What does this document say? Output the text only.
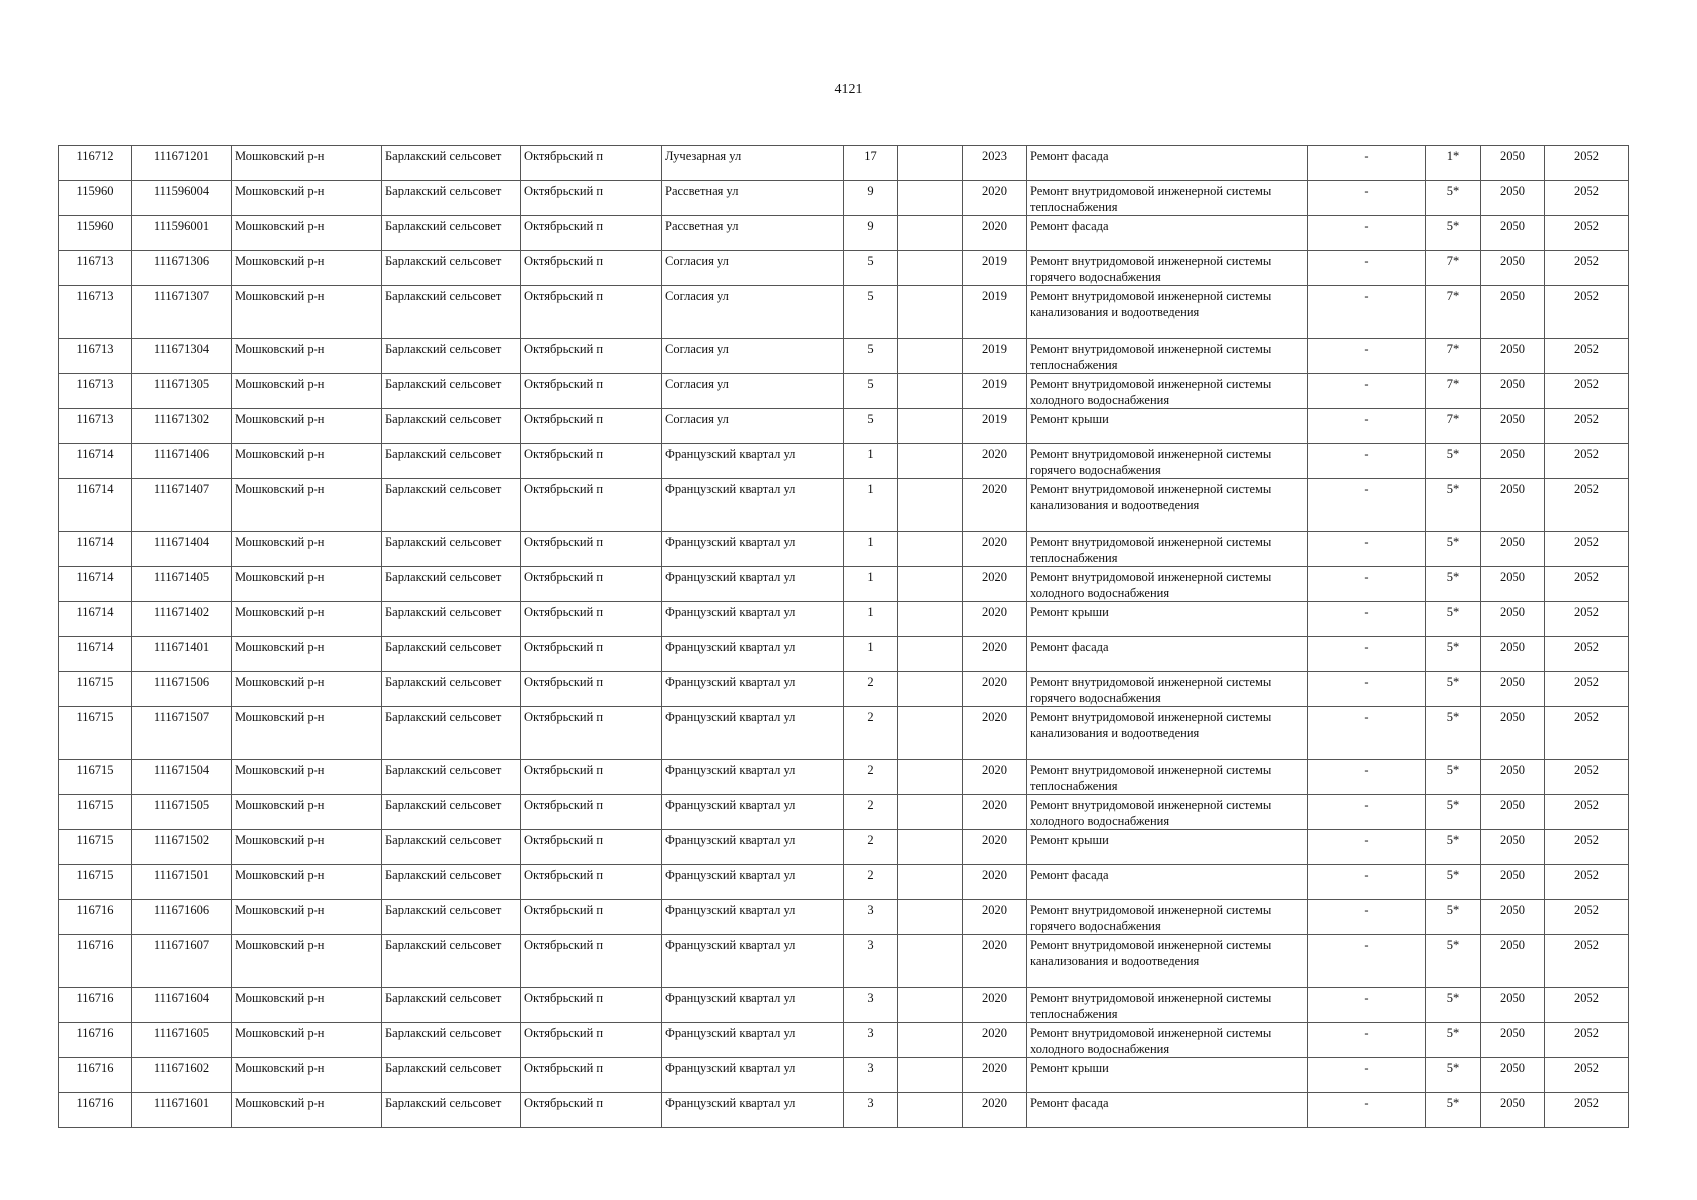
4121
116712	111671201	Мошковский р-н	Барлакский сельсовет	Октябрьский п	Лучезарная ул	17		2023	Ремонт фасада	-	1*	2050	2052
115960	111596004	Мошковский р-н	Барлакский сельсовет	Октябрьский п	Рассветная ул	9		2020	Ремонт внутридомовой инженерной системы теплоснабжения	-	5*	2050	2052
115960	111596001	Мошковский р-н	Барлакский сельсовет	Октябрьский п	Рассветная ул	9		2020	Ремонт фасада	-	5*	2050	2052
116713	111671306	Мошковский р-н	Барлакский сельсовет	Октябрьский п	Согласия ул	5		2019	Ремонт внутридомовой инженерной системы горячего водоснабжения	-	7*	2050	2052
116713	111671307	Мошковский р-н	Барлакский сельсовет	Октябрьский п	Согласия ул	5		2019	Ремонт внутридомовой инженерной системы канализования и водоотведения	-	7*	2050	2052
116713	111671304	Мошковский р-н	Барлакский сельсовет	Октябрьский п	Согласия ул	5		2019	Ремонт внутридомовой инженерной системы теплоснабжения	-	7*	2050	2052
116713	111671305	Мошковский р-н	Барлакский сельсовет	Октябрьский п	Согласия ул	5		2019	Ремонт внутридомовой инженерной системы холодного водоснабжения	-	7*	2050	2052
116713	111671302	Мошковский р-н	Барлакский сельсовет	Октябрьский п	Согласия ул	5		2019	Ремонт крыши	-	7*	2050	2052
116714	111671406	Мошковский р-н	Барлакский сельсовет	Октябрьский п	Французский квартал ул	1		2020	Ремонт внутридомовой инженерной системы горячего водоснабжения	-	5*	2050	2052
116714	111671407	Мошковский р-н	Барлакский сельсовет	Октябрьский п	Французский квартал ул	1		2020	Ремонт внутридомовой инженерной системы канализования и водоотведения	-	5*	2050	2052
116714	111671404	Мошковский р-н	Барлакский сельсовет	Октябрьский п	Французский квартал ул	1		2020	Ремонт внутридомовой инженерной системы теплоснабжения	-	5*	2050	2052
116714	111671405	Мошковский р-н	Барлакский сельсовет	Октябрьский п	Французский квартал ул	1		2020	Ремонт внутридомовой инженерной системы холодного водоснабжения	-	5*	2050	2052
116714	111671402	Мошковский р-н	Барлакский сельсовет	Октябрьский п	Французский квартал ул	1		2020	Ремонт крыши	-	5*	2050	2052
116714	111671401	Мошковский р-н	Барлакский сельсовет	Октябрьский п	Французский квартал ул	1		2020	Ремонт фасада	-	5*	2050	2052
116715	111671506	Мошковский р-н	Барлакский сельсовет	Октябрьский п	Французский квартал ул	2		2020	Ремонт внутридомовой инженерной системы горячего водоснабжения	-	5*	2050	2052
116715	111671507	Мошковский р-н	Барлакский сельсовет	Октябрьский п	Французский квартал ул	2		2020	Ремонт внутридомовой инженерной системы канализования и водоотведения	-	5*	2050	2052
116715	111671504	Мошковский р-н	Барлакский сельсовет	Октябрьский п	Французский квартал ул	2		2020	Ремонт внутридомовой инженерной системы теплоснабжения	-	5*	2050	2052
116715	111671505	Мошковский р-н	Барлакский сельсовет	Октябрьский п	Французский квартал ул	2		2020	Ремонт внутридомовой инженерной системы холодного водоснабжения	-	5*	2050	2052
116715	111671502	Мошковский р-н	Барлакский сельсовет	Октябрьский п	Французский квартал ул	2		2020	Ремонт крыши	-	5*	2050	2052
116715	111671501	Мошковский р-н	Барлакский сельсовет	Октябрьский п	Французский квартал ул	2		2020	Ремонт фасада	-	5*	2050	2052
116716	111671606	Мошковский р-н	Барлакский сельсовет	Октябрьский п	Французский квартал ул	3		2020	Ремонт внутридомовой инженерной системы горячего водоснабжения	-	5*	2050	2052
116716	111671607	Мошковский р-н	Барлакский сельсовет	Октябрьский п	Французский квартал ул	3		2020	Ремонт внутридомовой инженерной системы канализования и водоотведения	-	5*	2050	2052
116716	111671604	Мошковский р-н	Барлакский сельсовет	Октябрьский п	Французский квартал ул	3		2020	Ремонт внутридомовой инженерной системы теплоснабжения	-	5*	2050	2052
116716	111671605	Мошковский р-н	Барлакский сельсовет	Октябрьский п	Французский квартал ул	3		2020	Ремонт внутридомовой инженерной системы холодного водоснабжения	-	5*	2050	2052
116716	111671602	Мошковский р-н	Барлакский сельсовет	Октябрьский п	Французский квартал ул	3		2020	Ремонт крыши	-	5*	2050	2052
116716	111671601	Мошковский р-н	Барлакский сельсовет	Октябрьский п	Французский квартал ул	3		2020	Ремонт фасада	-	5*	2050	2052
